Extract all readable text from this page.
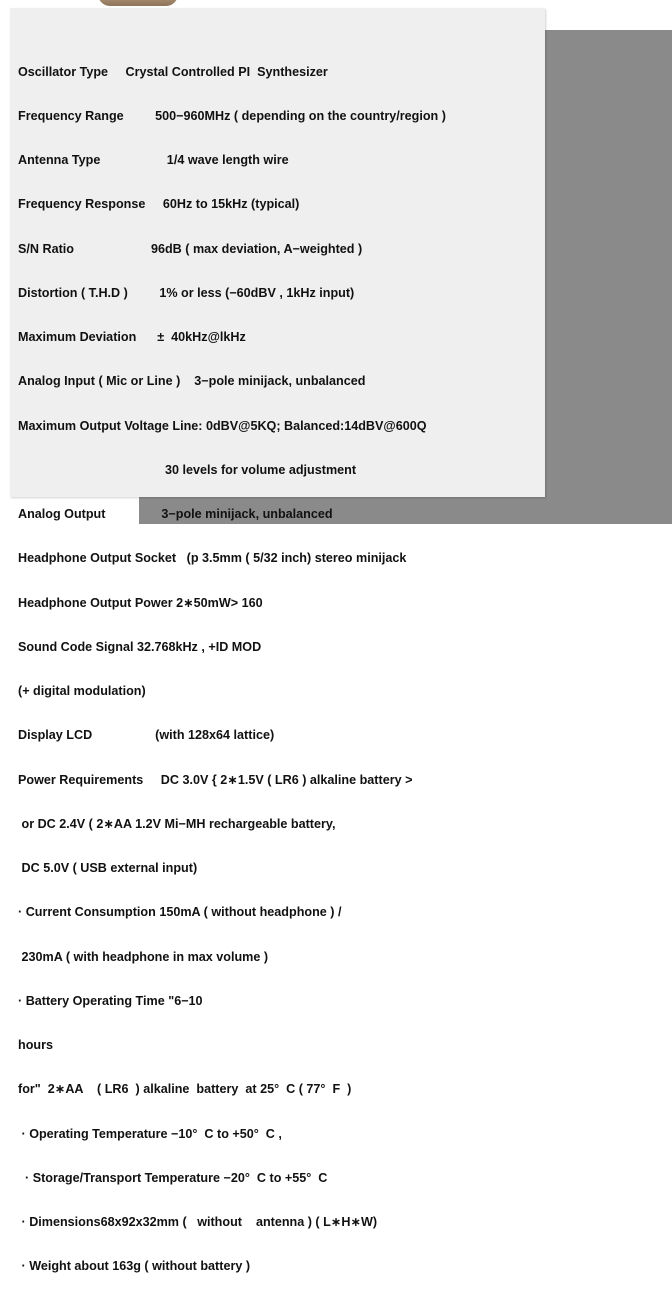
Oscillator Type     Crystal Controlled PI  Synthesizer

Frequency Range         500−960MHz ( depending on the country/region )

Antenna Type                   1/4 wave length wire

Frequency Response     60Hz to 15kHz (typical)

S/N Ratio                      96dB ( max deviation, A−weighted )

Distortion ( T.H.D )         1% or less (−60dBV , 1kHz input)

Maximum Deviation      ±  40kHz@lkHz

Analog Input ( Mic or Line )    3−pole minijack, unbalanced

Maximum Output Voltage Line: 0dBV@5KQ; Balanced:14dBV@600Q

30 levels for volume adjustment

Analog Output                3−pole minijack, unbalanced

Headphone Output Socket   (p 3.5mm ( 5/32 inch) stereo minijack

Headphone Output Power 2∗50mW> 160

Sound Code Signal 32.768kHz , +ID MOD

(+ digital modulation)

Display LCD                  (with 128x64 lattice)

Power Requirements     DC 3.0V { 2∗1.5V ( LR6 ) alkaline battery >

or DC 2.4V ( 2∗AA 1.2V Mi−MH rechargeable battery,

DC 5.0V ( USB external input)

· Current Consumption 150mA ( without headphone ) /

230mA ( with headphone in max volume )

· Battery Operating Time "6−10

hours

for"  2∗AA    ( LR6  ) alkaline  battery  at 25°  C ( 77°  F  )

· Operating Temperature −10°  C to +50°  C ,

· Storage/Transport Temperature −20°  C to +55°  C

· Dimensions68x92x32mm (   without    antenna ) ( L∗H∗W)

· Weight about 163g ( without battery )
